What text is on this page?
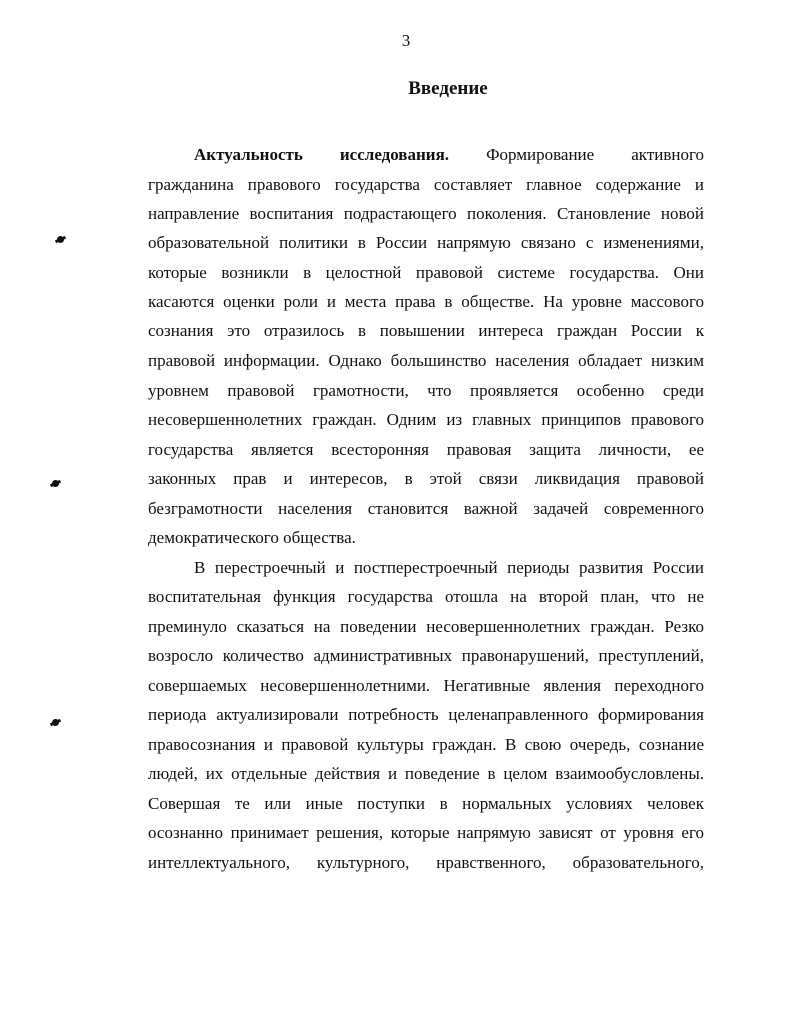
3
Введение
Актуальность исследования. Формирование активного
гражданина правового государства составляет главное содержание и
направление воспитания подрастающего поколения. Становление новой
образовательной политики в России напрямую связано с изменениями,
которые возникли в целостной правовой системе государства. Они
касаются оценки роли и места права в обществе. На уровне массового
сознания это отразилось в повышении интереса граждан России к
правовой информации. Однако большинство населения обладает низким
уровнем правовой грамотности, что проявляется особенно среди
несовершеннолетних граждан. Одним из главных принципов правового
государства является всесторонняя правовая защита личности, ее
законных прав и интересов, в этой связи ликвидация правовой
безграмотности населения становится важной задачей современного
демократического общества.
В перестроечный и постперестроечный периоды развития России
воспитательная функция государства отошла на второй план, что не
преминуло сказаться на поведении несовершеннолетних граждан. Резко
возросло количество административных правонарушений, преступлений,
совершаемых несовершеннолетними. Негативные явления переходного
периода актуализировали потребность целенаправленного формирования
правосознания и правовой культуры граждан. В свою очередь, сознание
людей, их отдельные действия и поведение в целом взаимообусловлены.
Совершая те или иные поступки в нормальных условиях человек
осознанно принимает решения, которые напрямую зависят от уровня его
интеллектуального, культурного, нравственного, образовательного,
